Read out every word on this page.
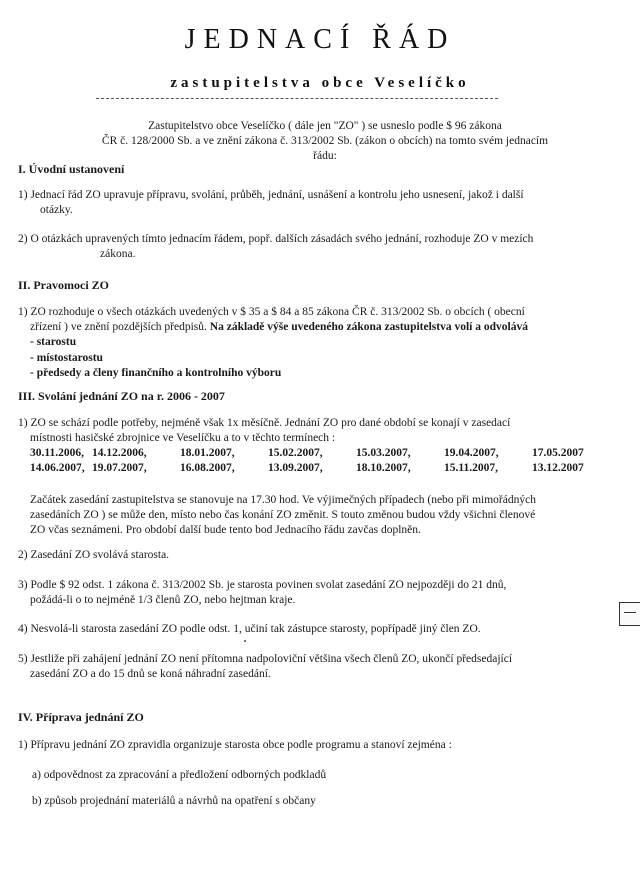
JEDNACÍ ŘÁD
zastupitelstva obce Veselíčko
Zastupitelstvo obce Veselíčko ( dále jen "ZO" ) se usneslo podle $ 96 zákona
ČR č. 128/2000 Sb. a ve znění zákona č. 313/2002 Sb. (zákon o obcích) na tomto svém jednacím řádu:
I. Úvodní ustanovení
1) Jednací řád ZO upravuje přípravu, svolání, průběh, jednání, usnášení a kontrolu jeho usnesení, jakož i další
otázky.
2) O otázkách upravených tímto jednacím řádem, popř. dalších zásadách svého jednání, rozhoduje ZO v mezích
zákona.
II. Pravomoci ZO
1) ZO rozhoduje o všech otázkách uvedených v $ 35 a $ 84 a 85 zákona ČR č. 313/2002 Sb. o obcích ( obecní
zřízení ) ve znění pozdějších předpisů. Na základě výše uvedeného zákona zastupitelstva volí a odvolává
- starostu
- místostarostu
- předsedy a členy finančního a kontrolního výboru
III. Svolání jednání ZO na r. 2006 - 2007
1) ZO se schází podle potřeby, nejméně však 1x měsíčně. Jednání ZO pro dané období se konají v zasedací
místnosti hasičské zbrojnice ve Veselíčku a to v těchto termínech :
30.11.2006, 14.12.2006,	18.01.2007,	15.02.2007,	15.03.2007,	19.04.2007,	17.05.2007
14.06.2007, 19.07.2007,	16.08.2007,	13.09.2007,	18.10.2007,	15.11.2007,	13.12.2007
Začátek zasedání zastupitelstva se stanovuje na 17.30 hod. Ve výjimečných případech (nebo při mimořádných
zasedáních ZO ) se může den, místo nebo čas konání ZO změnit. S touto změnou budou vždy všichni členové
ZO včas seznámeni. Pro období další bude tento bod Jednacího řádu zavčas doplněn.
2) Zasedání ZO svolává starosta.
3) Podle $ 92 odst. 1 zákona č. 313/2002 Sb. je starosta povinen svolat zasedání ZO nejpozději do 21 dnů,
požádá-li o to nejméně 1/3 členů ZO, nebo hejtman kraje.
4) Nesvolá-li starosta zasedání ZO podle odst. 1, učiní tak zástupce starosty, popřípadě jiný člen ZO.
5) Jestliže při zahájení jednání ZO není přítomna nadpoloviční většina všech členů ZO, ukončí předsedající
zasedání ZO a do 15 dnů se koná náhradní zasedání.
IV. Příprava jednání ZO
1) Přípravu jednání ZO zpravidla organizuje starosta obce podle programu a stanoví zejména :
a) odpovědnost za zpracování a předložení odborných podkladů
b) způsob projednání materiálů a návrhů na opatření s občany
